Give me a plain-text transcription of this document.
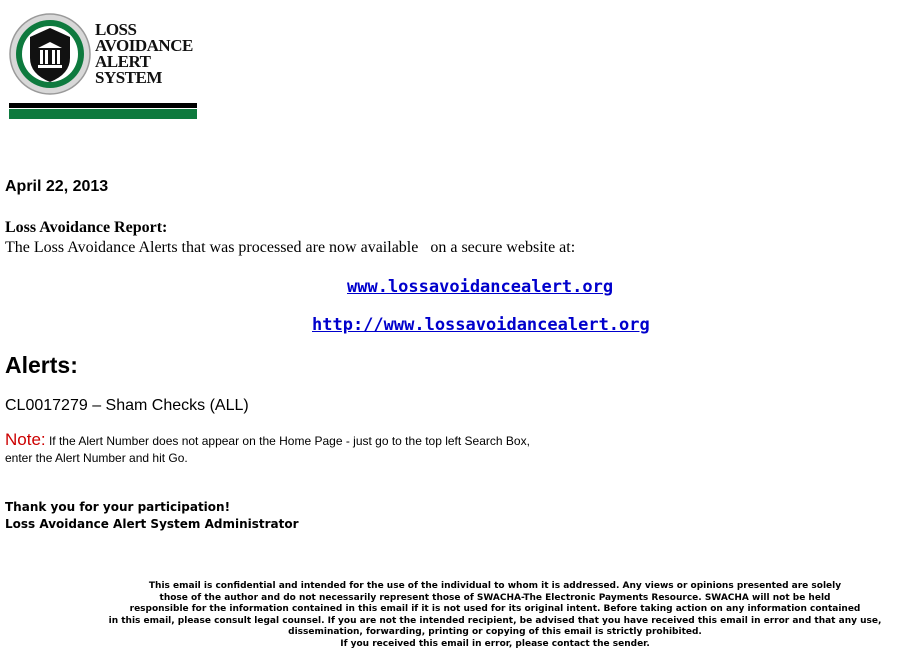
LOSS
AVOIDANCE
ALERT
SYSTEM
April 22, 2013
Loss Avoidance Report:
The Loss Avoidance Alerts that was processed are now available   on a secure website at:
www.lossavoidancealert.org
http://www.lossavoidancealert.org
Alerts:
CL0017279 – Sham Checks (ALL)
Note: If the Alert Number does not appear on the Home Page - just go to the top left Search Box,
enter the Alert Number and hit Go.
Thank you for your participation!
Loss Avoidance Alert System Administrator
This email is confidential and intended for the use of the individual to whom it is addressed. Any views or opinions presented are solely
those of the author and do not necessarily represent those of SWACHA-The Electronic Payments Resource. SWACHA will not be held
responsible for the information contained in this email if it is not used for its original intent. Before taking action on any information contained
in this email, please consult legal counsel. If you are not the intended recipient, be advised that you have received this email in error and that any use,
dissemination, forwarding, printing or copying of this email is strictly prohibited.
If you received this email in error, please contact the sender.
